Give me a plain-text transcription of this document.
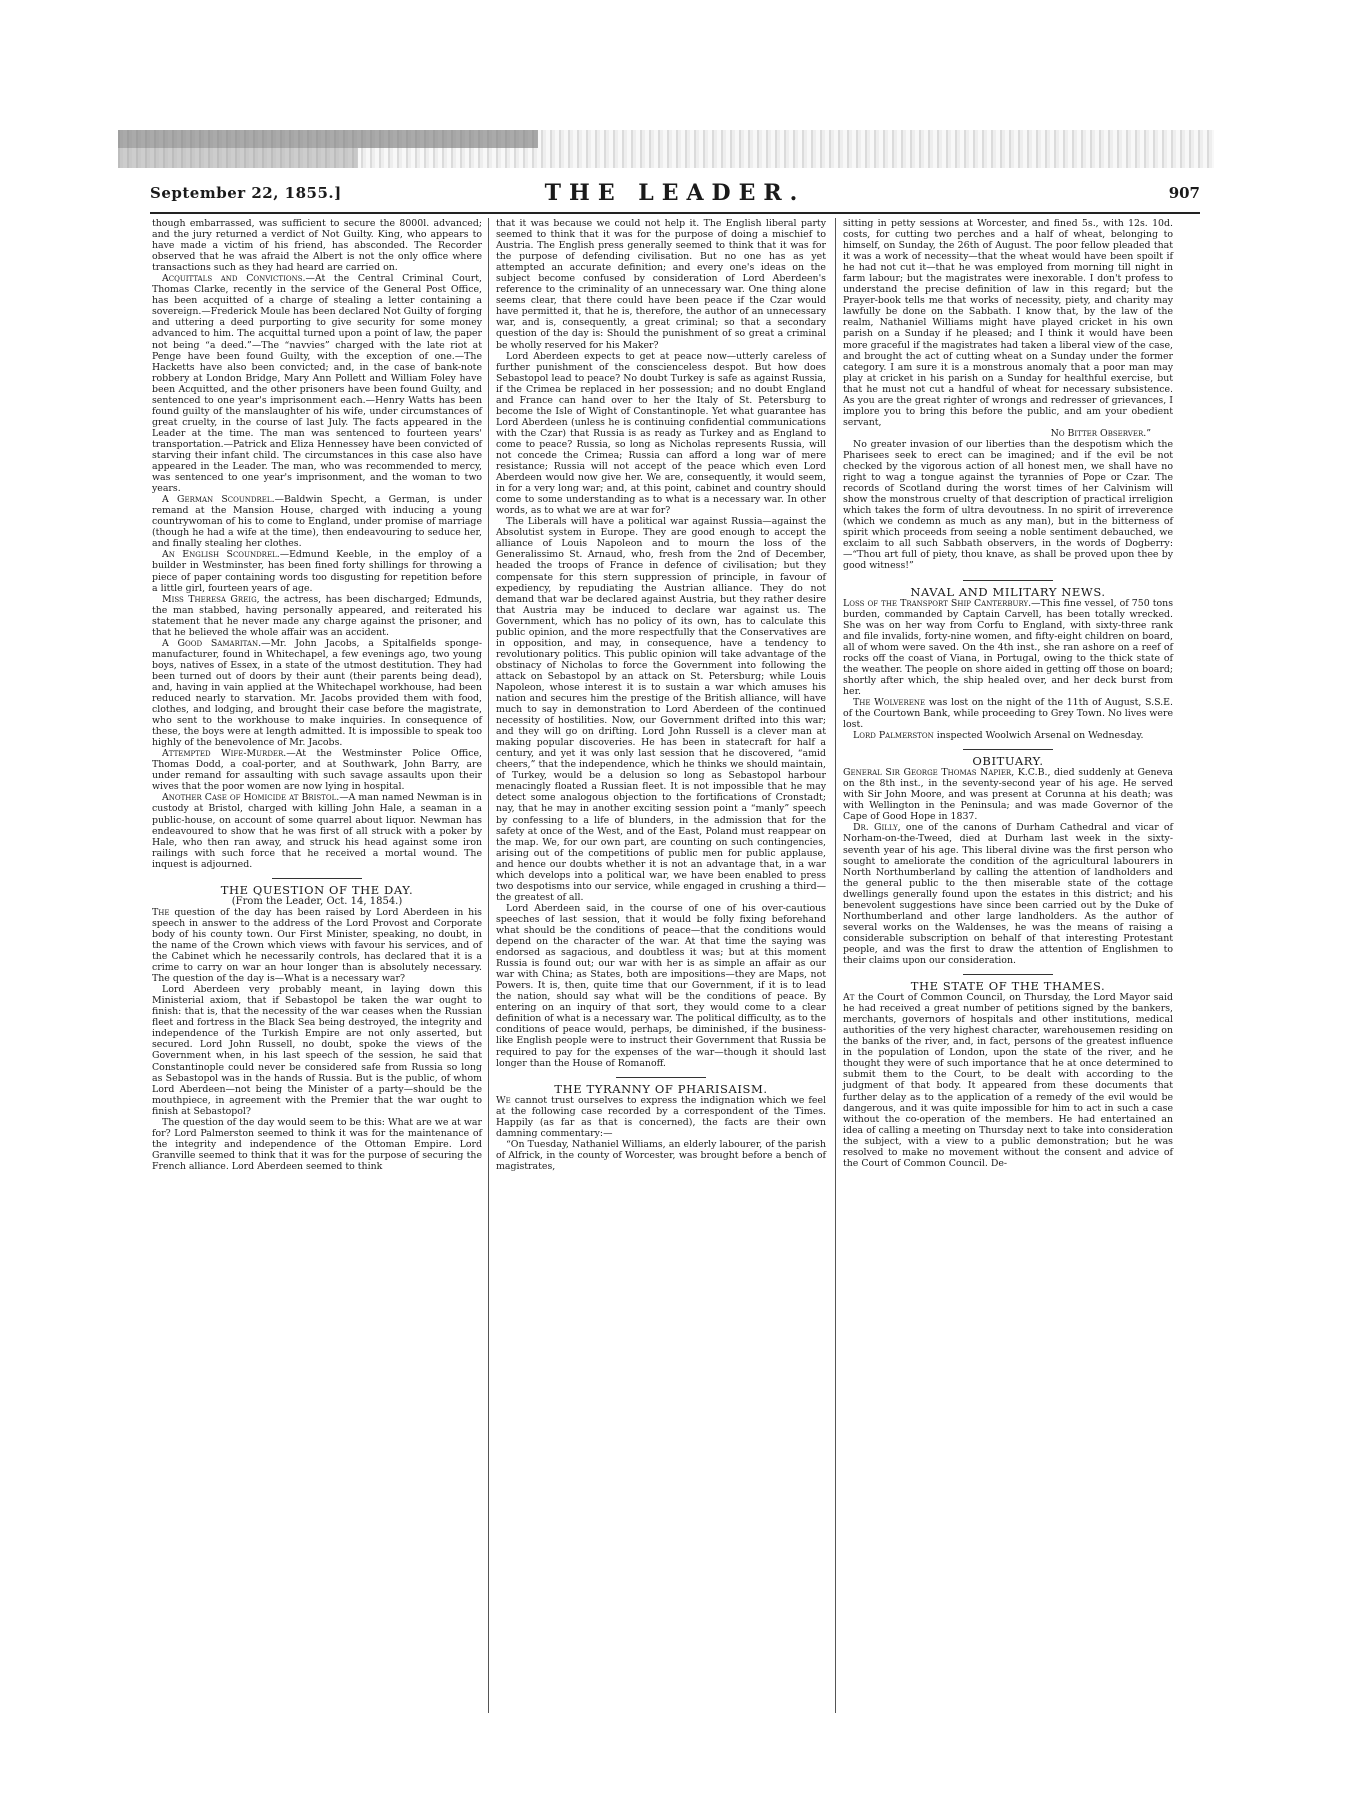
September 22, 1855.]	THE LEADER.	907

though embarrassed, was sufficient to secure the 8000l. advanced; and the jury returned a verdict of Not Guilty. King, who appears to have made a victim of his friend, has absconded. The Recorder observed that he was afraid the Albert is not the only office where transactions such as they had heard are carried on.

Acquittals and Convictions.—At the Central Criminal Court, Thomas Clarke, recently in the service of the General Post Office, has been acquitted of a charge of stealing a letter containing a sovereign.—Frederick Moule has been declared Not Guilty of forging and uttering a deed purporting to give security for some money advanced to him. The acquittal turned upon a point of law, the paper not being “a deed.”—The “navvies” charged with the late riot at Penge have been found Guilty, with the exception of one.—The Hacketts have also been convicted; and, in the case of bank-note robbery at London Bridge, Mary Ann Pollett and William Foley have been Acquitted, and the other prisoners have been found Guilty, and sentenced to one year's imprisonment each.—Henry Watts has been found guilty of the manslaughter of his wife, under circumstances of great cruelty, in the course of last July. The facts appeared in the Leader at the time. The man was sentenced to fourteen years' transportation.—Patrick and Eliza Hennessey have been convicted of starving their infant child. The circumstances in this case also have appeared in the Leader. The man, who was recommended to mercy, was sentenced to one year's imprisonment, and the woman to two years.

A German Scoundrel.—Baldwin Specht, a German, is under remand at the Mansion House, charged with inducing a young countrywoman of his to come to England, under promise of marriage (though he had a wife at the time), then endeavouring to seduce her, and finally stealing her clothes.

An English Scoundrel.—Edmund Keeble, in the employ of a builder in Westminster, has been fined forty shillings for throwing a piece of paper containing words too disgusting for repetition before a little girl, fourteen years of age.

Miss Theresa Greig, the actress, has been discharged; Edmunds, the man stabbed, having personally appeared, and reiterated his statement that he never made any charge against the prisoner, and that he believed the whole affair was an accident.

A Good Samaritan.—Mr. John Jacobs, a Spitalfields sponge-manufacturer, found in Whitechapel, a few evenings ago, two young boys, natives of Essex, in a state of the utmost destitution. They had been turned out of doors by their aunt (their parents being dead), and, having in vain applied at the Whitechapel workhouse, had been reduced nearly to starvation. Mr. Jacobs provided them with food, clothes, and lodging, and brought their case before the magistrate, who sent to the workhouse to make inquiries. In consequence of these, the boys were at length admitted. It is impossible to speak too highly of the benevolence of Mr. Jacobs.

Attempted Wife-Murder.—At the Westminster Police Office, Thomas Dodd, a coal-porter, and at Southwark, John Barry, are under remand for assaulting with such savage assaults upon their wives that the poor women are now lying in hospital.

Another Case of Homicide at Bristol.—A man named Newman is in custody at Bristol, charged with killing John Hale, a seaman in a public-house, on account of some quarrel about liquor. Newman has endeavoured to show that he was first of all struck with a poker by Hale, who then ran away, and struck his head against some iron railings with such force that he received a mortal wound. The inquest is adjourned.

THE QUESTION OF THE DAY.

(From the Leader, Oct. 14, 1854.)

The question of the day has been raised by Lord Aberdeen in his speech in answer to the address of the Lord Provost and Corporate body of his county town. Our First Minister, speaking, no doubt, in the name of the Crown which views with favour his services, and of the Cabinet which he necessarily controls, has declared that it is a crime to carry on war an hour longer than is absolutely necessary. The question of the day is—What is a necessary war?

Lord Aberdeen very probably meant, in laying down this Ministerial axiom, that if Sebastopol be taken the war ought to finish: that is, that the necessity of the war ceases when the Russian fleet and fortress in the Black Sea being destroyed, the integrity and independence of the Turkish Empire are not only asserted, but secured. Lord John Russell, no doubt, spoke the views of the Government when, in his last speech of the session, he said that Constantinople could never be considered safe from Russia so long as Sebastopol was in the hands of Russia. But is the public, of whom Lord Aberdeen—not being the Minister of a party—should be the mouthpiece, in agreement with the Premier that the war ought to finish at Sebastopol?

The question of the day would seem to be this: What are we at war for? Lord Palmerston seemed to think it was for the maintenance of the integrity and independence of the Ottoman Empire. Lord Granville seemed to think that it was for the purpose of securing the French alliance. Lord Aberdeen seemed to think

that it was because we could not help it. The English liberal party seemed to think that it was for the purpose of doing a mischief to Austria. The English press generally seemed to think that it was for the purpose of defending civilisation. But no one has as yet attempted an accurate definition; and every one's ideas on the subject become confused by consideration of Lord Aberdeen's reference to the criminality of an unnecessary war. One thing alone seems clear, that there could have been peace if the Czar would have permitted it, that he is, therefore, the author of an unnecessary war, and is, consequently, a great criminal; so that a secondary question of the day is: Should the punishment of so great a criminal be wholly reserved for his Maker?

Lord Aberdeen expects to get at peace now—utterly careless of further punishment of the conscienceless despot. But how does Sebastopol lead to peace? No doubt Turkey is safe as against Russia, if the Crimea be replaced in her possession; and no doubt England and France can hand over to her the Italy of St. Petersburg to become the Isle of Wight of Constantinople. Yet what guarantee has Lord Aberdeen (unless he is continuing confidential communications with the Czar) that Russia is as ready as Turkey and as England to come to peace? Russia, so long as Nicholas represents Russia, will not concede the Crimea; Russia can afford a long war of mere resistance; Russia will not accept of the peace which even Lord Aberdeen would now give her. We are, consequently, it would seem, in for a very long war; and, at this point, cabinet and country should come to some understanding as to what is a necessary war. In other words, as to what we are at war for?

The Liberals will have a political war against Russia—against the Absolutist system in Europe. They are good enough to accept the alliance of Louis Napoleon and to mourn the loss of the Generalissimo St. Arnaud, who, fresh from the 2nd of December, headed the troops of France in defence of civilisation; but they compensate for this stern suppression of principle, in favour of expediency, by repudiating the Austrian alliance. They do not demand that war be declared against Austria, but they rather desire that Austria may be induced to declare war against us. The Government, which has no policy of its own, has to calculate this public opinion, and the more respectfully that the Conservatives are in opposition, and may, in consequence, have a tendency to revolutionary politics. This public opinion will take advantage of the obstinacy of Nicholas to force the Government into following the attack on Sebastopol by an attack on St. Petersburg; while Louis Napoleon, whose interest it is to sustain a war which amuses his nation and secures him the prestige of the British alliance, will have much to say in demonstration to Lord Aberdeen of the continued necessity of hostilities. Now, our Government drifted into this war; and they will go on drifting. Lord John Russell is a clever man at making popular discoveries. He has been in statecraft for half a century, and yet it was only last session that he discovered, “amid cheers,” that the independence, which he thinks we should maintain, of Turkey, would be a delusion so long as Sebastopol harbour menacingly floated a Russian fleet. It is not impossible that he may detect some analogous objection to the fortifications of Cronstadt; nay, that he may in another exciting session point a “manly” speech by confessing to a life of blunders, in the admission that for the safety at once of the West, and of the East, Poland must reappear on the map. We, for our own part, are counting on such contingencies, arising out of the competitions of public men for public applause, and hence our doubts whether it is not an advantage that, in a war which develops into a political war, we have been enabled to press two despotisms into our service, while engaged in crushing a third—the greatest of all.

Lord Aberdeen said, in the course of one of his over-cautious speeches of last session, that it would be folly fixing beforehand what should be the conditions of peace—that the conditions would depend on the character of the war. At that time the saying was endorsed as sagacious, and doubtless it was; but at this moment Russia is found out; our war with her is as simple an affair as our war with China; as States, both are impositions—they are Maps, not Powers. It is, then, quite time that our Government, if it is to lead the nation, should say what will be the conditions of peace. By entering on an inquiry of that sort, they would come to a clear definition of what is a necessary war. The political difficulty, as to the conditions of peace would, perhaps, be diminished, if the business-like English people were to instruct their Government that Russia be required to pay for the expenses of the war—though it should last longer than the House of Romanoff.

THE TYRANNY OF PHARISAISM.

We cannot trust ourselves to express the indignation which we feel at the following case recorded by a correspondent of the Times. Happily (as far as that is concerned), the facts are their own damning commentary:—

“On Tuesday, Nathaniel Williams, an elderly labourer, of the parish of Alfrick, in the county of Worcester, was brought before a bench of magistrates,

sitting in petty sessions at Worcester, and fined 5s., with 12s. 10d. costs, for cutting two perches and a half of wheat, belonging to himself, on Sunday, the 26th of August. The poor fellow pleaded that it was a work of necessity—that the wheat would have been spoilt if he had not cut it—that he was employed from morning till night in farm labour; but the magistrates were inexorable. I don't profess to understand the precise definition of law in this regard; but the Prayer-book tells me that works of necessity, piety, and charity may lawfully be done on the Sabbath. I know that, by the law of the realm, Nathaniel Williams might have played cricket in his own parish on a Sunday if he pleased; and I think it would have been more graceful if the magistrates had taken a liberal view of the case, and brought the act of cutting wheat on a Sunday under the former category. I am sure it is a monstrous anomaly that a poor man may play at cricket in his parish on a Sunday for healthful exercise, but that he must not cut a handful of wheat for necessary subsistence. As you are the great righter of wrongs and redresser of grievances, I implore you to bring this before the public, and am your obedient servant,

No Bitter Observer.”

No greater invasion of our liberties than the despotism which the Pharisees seek to erect can be imagined; and if the evil be not checked by the vigorous action of all honest men, we shall have no right to wag a tongue against the tyrannies of Pope or Czar. The records of Scotland during the worst times of her Calvinism will show the monstrous cruelty of that description of practical irreligion which takes the form of ultra devoutness. In no spirit of irreverence (which we condemn as much as any man), but in the bitterness of spirit which proceeds from seeing a noble sentiment debauched, we exclaim to all such Sabbath observers, in the words of Dogberry:—“Thou art full of piety, thou knave, as shall be proved upon thee by good witness!”

NAVAL AND MILITARY NEWS.

Loss of the Transport Ship Canterbury.—This fine vessel, of 750 tons burden, commanded by Captain Carvell, has been totally wrecked. She was on her way from Corfu to England, with sixty-three rank and file invalids, forty-nine women, and fifty-eight children on board, all of whom were saved. On the 4th inst., she ran ashore on a reef of rocks off the coast of Viana, in Portugal, owing to the thick state of the weather. The people on shore aided in getting off those on board; shortly after which, the ship healed over, and her deck burst from her.

The Wolverene was lost on the night of the 11th of August, S.S.E. of the Courtown Bank, while proceeding to Grey Town. No lives were lost.

Lord Palmerston inspected Woolwich Arsenal on Wednesday.

OBITUARY.

General Sir George Thomas Napier, K.C.B., died suddenly at Geneva on the 8th inst., in the seventy-second year of his age. He served with Sir John Moore, and was present at Corunna at his death; was with Wellington in the Peninsula; and was made Governor of the Cape of Good Hope in 1837.

Dr. Gilly, one of the canons of Durham Cathedral and vicar of Norham-on-the-Tweed, died at Durham last week in the sixty-seventh year of his age. This liberal divine was the first person who sought to ameliorate the condition of the agricultural labourers in North Northumberland by calling the attention of landholders and the general public to the then miserable state of the cottage dwellings generally found upon the estates in this district; and his benevolent suggestions have since been carried out by the Duke of Northumberland and other large landholders. As the author of several works on the Waldenses, he was the means of raising a considerable subscription on behalf of that interesting Protestant people, and was the first to draw the attention of Englishmen to their claims upon our consideration.

THE STATE OF THE THAMES.

At the Court of Common Council, on Thursday, the Lord Mayor said he had received a great number of petitions signed by the bankers, merchants, governors of hospitals and other institutions, medical authorities of the very highest character, warehousemen residing on the banks of the river, and, in fact, persons of the greatest influence in the population of London, upon the state of the river, and he thought they were of such importance that he at once determined to submit them to the Court, to be dealt with according to the judgment of that body. It appeared from these documents that further delay as to the application of a remedy of the evil would be dangerous, and it was quite impossible for him to act in such a case without the co-operation of the members. He had entertained an idea of calling a meeting on Thursday next to take into consideration the subject, with a view to a public demonstration; but he was resolved to make no movement without the consent and advice of the Court of Common Council. De-
